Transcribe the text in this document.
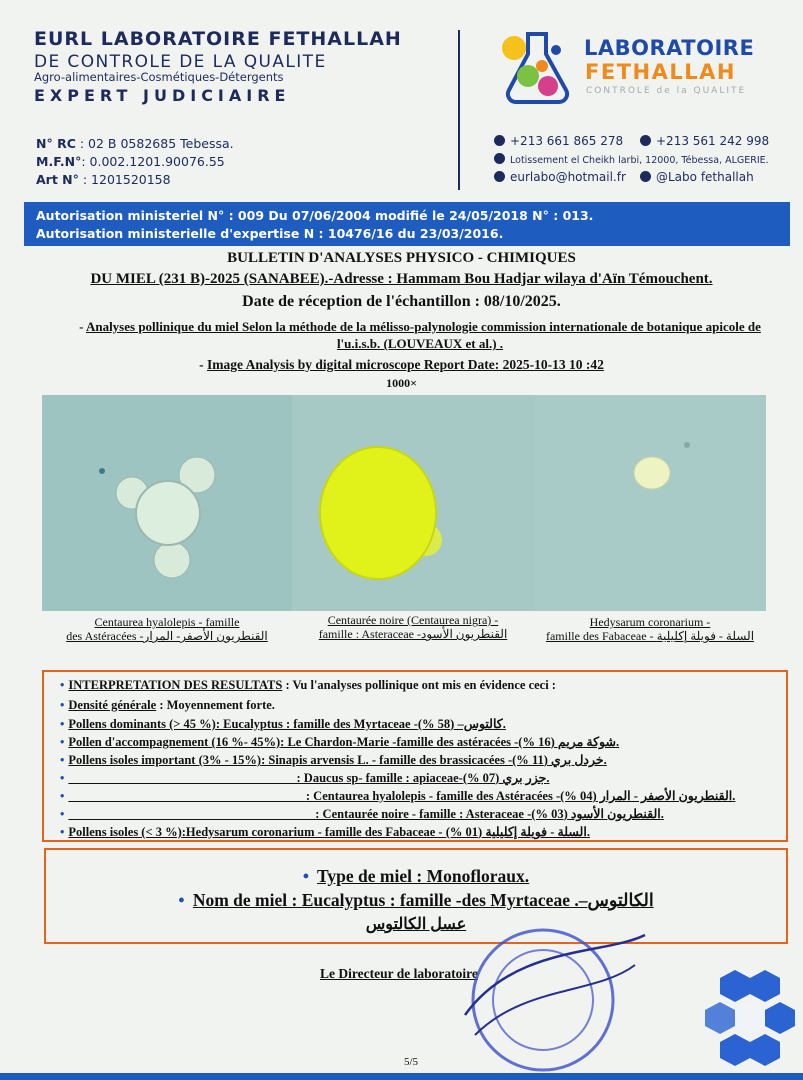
EURL LABORATOIRE FETHALLAH
DE CONTROLE DE LA QUALITE
Agro-alimentaires-Cosmétiques-Détergents
EXPERT JUDICIAIRE
N° RC : 02 B 0582685 Tebessa.
M.F.N°: 0.002.1201.90076.55
Art N° : 1201520158
LABORATOIRE
FETHALLAH
CONTROLE de la QUALITE
+213 661 865 278	+213 561 242 998
Lotissement el Cheikh larbi, 12000, Tébessa, ALGERIE.
eurlabo@hotmail.fr	@Labo fethallah
Autorisation ministeriel N° : 009 Du 07/06/2004 modifié le 24/05/2018 N° : 013.
Autorisation ministerielle d'expertise N : 10476/16 du 23/03/2016.
BULLETIN D'ANALYSES PHYSICO - CHIMIQUES
DU MIEL (231 B)-2025 (SANABEE).-Adresse : Hammam Bou Hadjar wilaya d'Aïn Témouchent.
Date de réception de l'échantillon : 08/10/2025.
- Analyses pollinique du miel Selon la méthode de la mélisso-palynologie commission internationale de botanique apicole de l'u.i.s.b. (LOUVEAUX et al.) .
- Image Analysis by digital microscope Report Date: 2025-10-13 10 :42
1000×
Centaurea hyalolepis - famille
des Astéracées -القنطريون الأصفر- المرار
Centaurée noire (Centaurea nigra) -
famille : Asteraceae -القنطريون الأسود
Hedysarum coronarium -
famille des Fabaceae - السلة - فويلة إكليلية
• INTERPRETATION DES RESULTATS : Vu l'analyses pollinique ont mis en évidence ceci :
• Densité générale : Moyennement forte.
• Pollens dominants (> 45 %): Eucalyptus : famille des Myrtaceae -كالتوس– (58 %).
• Pollen d'accompagnement (16 %- 45%): Le Chardon-Marie -famille des astéracées -شوكة مريم (16 %).
• Pollens isoles important (3% - 15%): Sinapis arvensis L. - famille des brassicacées -خردل بري (11 %).
•	: Daucus sp- famille : apiaceae-جزر بري (07 %).
•	: Centaurea hyalolepis - famille des Astéracées -القنطريون الأصفر - المرار (04 %).
•	: Centaurée noire - famille : Asteraceae -القنطريون الأسود (03 %).
• Pollens isoles (< 3 %):Hedysarum coronarium - famille des Fabaceae - السلة - فويلة إكليلية (01 %).
• Type de miel : Monofloraux.
• Nom de miel : Eucalyptus : famille -des Myrtaceae .–الكالتوس
عسل الكالتوس
Le Directeur de laboratoire
5/5
